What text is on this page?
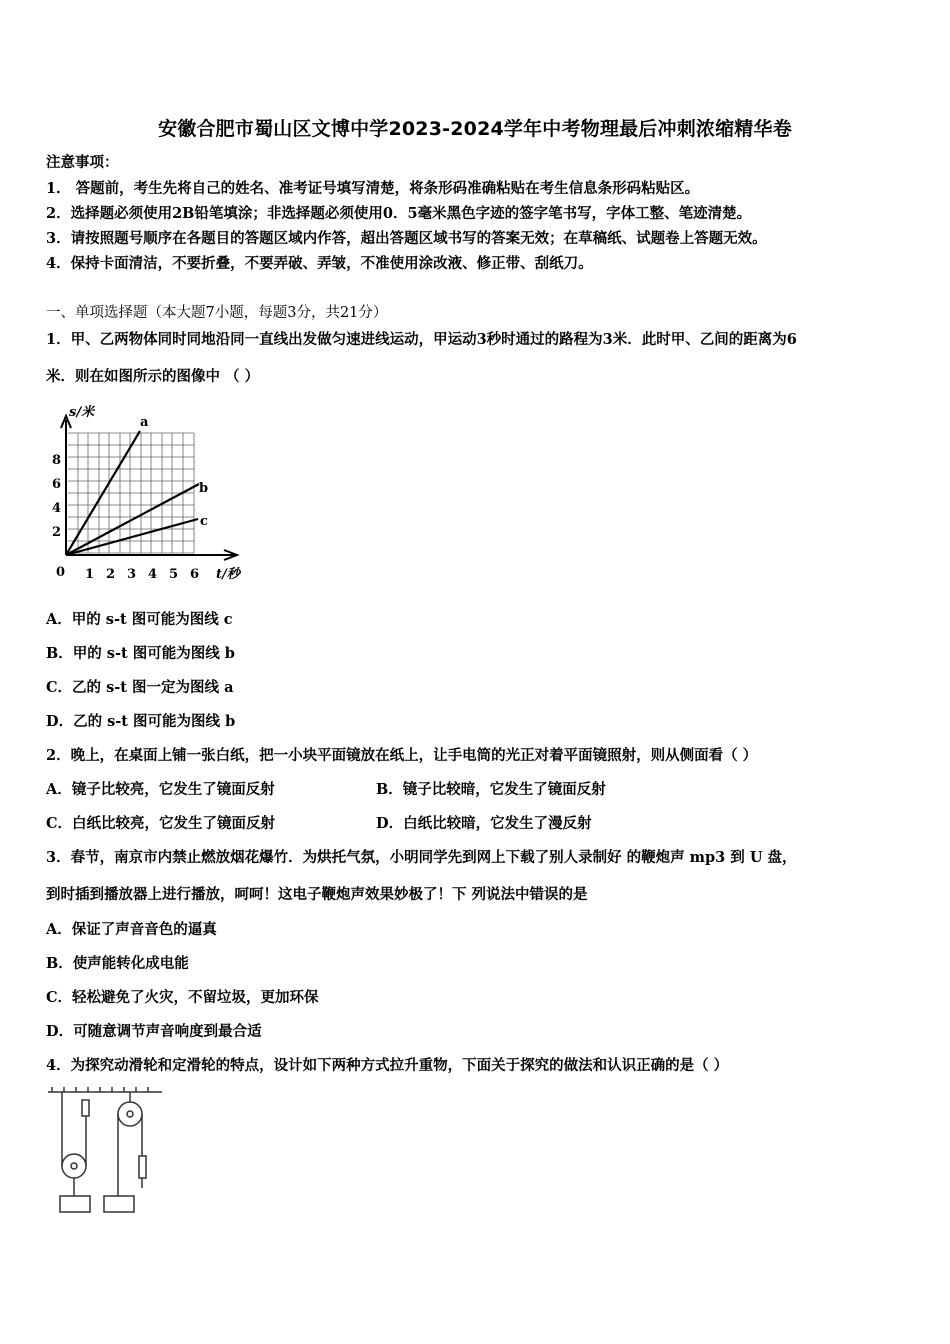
安徽合肥市蜀山区文博中学2023-2024学年中考物理最后冲刺浓缩精华卷
注意事项：
1． 答题前，考生先将自己的姓名、准考证号填写清楚，将条形码准确粘贴在考生信息条形码粘贴区。
2．选择题必须使用2B铅笔填涂；非选择题必须使用0．5毫米黑色字迹的签字笔书写，字体工整、笔迹清楚。
3．请按照题号顺序在各题目的答题区域内作答，超出答题区域书写的答案无效；在草稿纸、试题卷上答题无效。
4．保持卡面清洁，不要折叠，不要弄破、弄皱，不准使用涂改液、修正带、刮纸刀。
一、单项选择题（本大题7小题，每题3分，共21分）
1．甲、乙两物体同时同地沿同一直线出发做匀速进线运动，甲运动3秒时通过的路程为3米．此时甲、乙间的距离为6
米．则在如图所示的图像中 （ ）
s/米
a
b
c
2
4
6
8
0 1 2 3 4 5 6 t/秒
A．甲的 s-t 图可能为图线 c
B．甲的 s-t 图可能为图线 b
C．乙的 s-t 图一定为图线 a
D．乙的 s-t 图可能为图线 b
2．晚上，在桌面上铺一张白纸，把一小块平面镜放在纸上，让手电筒的光正对着平面镜照射，则从侧面看（ ）
A．镜子比较亮，它发生了镜面反射	B．镜子比较暗，它发生了镜面反射
C．白纸比较亮，它发生了镜面反射	D．白纸比较暗，它发生了漫反射
3．春节，南京市内禁止燃放烟花爆竹．为烘托气氛，小明同学先到网上下载了别人录制好 的鞭炮声 mp3 到 U 盘，
到时插到播放器上进行播放，呵呵！这电子鞭炮声效果妙极了！下 列说法中错误的是
A．保证了声音音色的逼真
B．使声能转化成电能
C．轻松避免了火灾，不留垃圾，更加环保
D．可随意调节声音响度到最合适
4．为探究动滑轮和定滑轮的特点，设计如下两种方式拉升重物，下面关于探究的做法和认识正确的是（ ）
